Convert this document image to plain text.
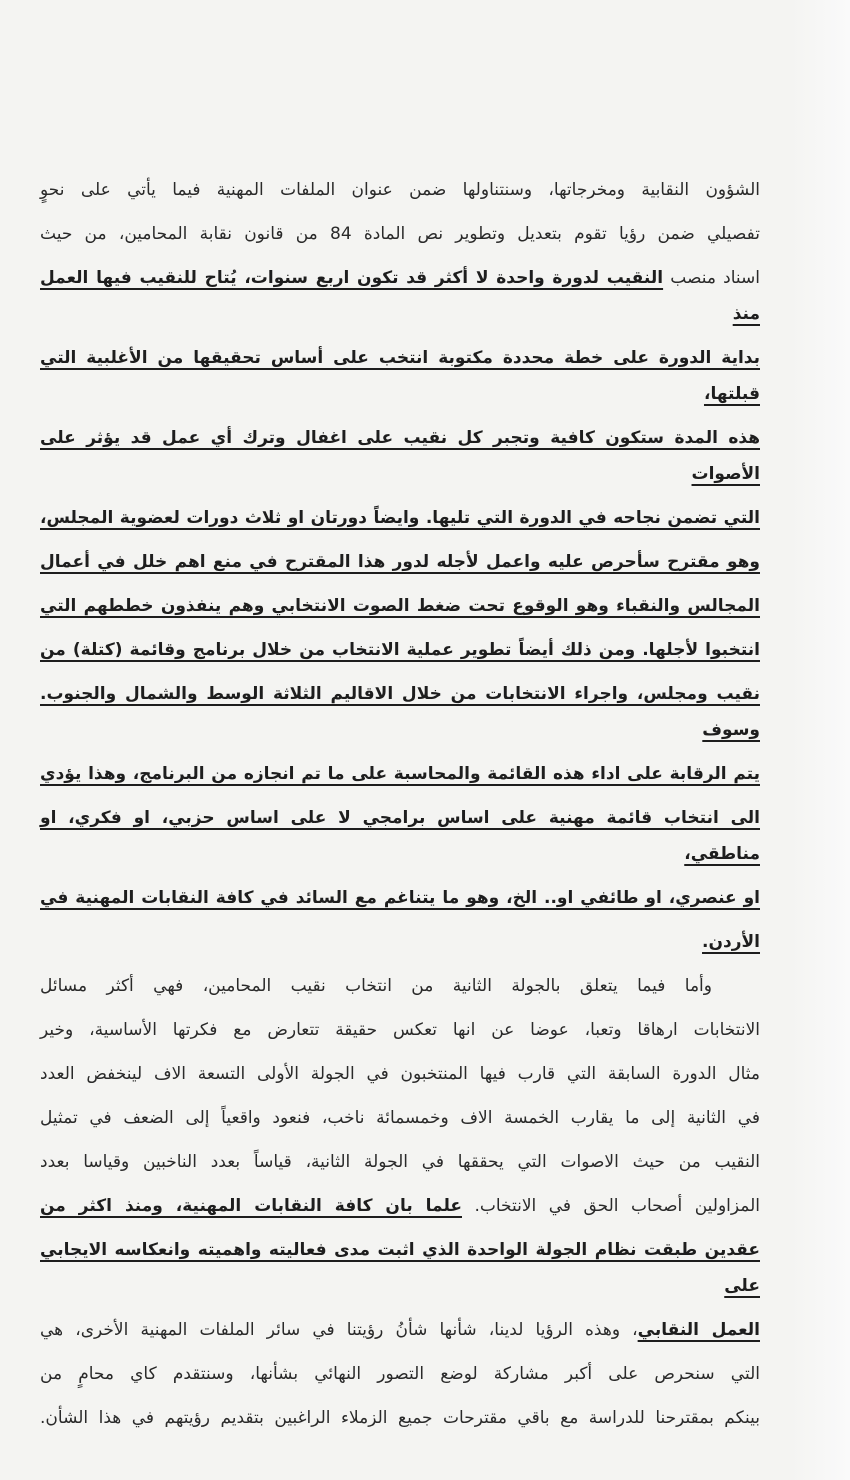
الشؤون النقابية ومخرجاتها، وسنتناولها ضمن عنوان الملفات المهنية فيما يأتي على نحوٍ
تفصيلي ضمن رؤيا تقوم بتعديل وتطوير نص المادة 84 من قانون نقابة المحامين، من حيث
اسناد منصب النقيب لدورة واحدة لا أكثر قد تكون اربع سنوات، يُتاح للنقيب فيها العمل منذ
بداية الدورة على خطة محددة مكتوبة انتخب على أساس تحقيقها من الأغلبية التي قبلتها،
هذه المدة ستكون كافية وتجبر كل نقيب على اغفال وترك أي عمل قد يؤثر على الأصوات
التي تضمن نجاحه في الدورة التي تليها. وايضاً دورتان او ثلاث دورات لعضوية المجلس،
وهو مقترح سأحرص عليه واعمل لأجله لدور هذا المقترح في منع اهم خلل في أعمال
المجالس والنقباء وهو الوقوع تحت ضغط الصوت الانتخابي وهم ينفذون خططهم التي
انتخبوا لأجلها. ومن ذلك أيضاً تطوير عملية الانتخاب من خلال برنامج وقائمة (كتلة) من
نقيب ومجلس، واجراء الانتخابات من خلال الاقاليم الثلاثة الوسط والشمال والجنوب. وسوف
يتم الرقابة على اداء هذه القائمة والمحاسبة على ما تم انجازه من البرنامج، وهذا يؤدي
الى انتخاب قائمة مهنية على اساس برامجي لا على اساس حزبي، او فكري، او مناطقي،
او عنصري، او طائفي او.. الخ، وهو ما يتناغم مع السائد في كافة النقابات المهنية في
الأردن.
وأما فيما يتعلق بالجولة الثانية من انتخاب نقيب المحامين، فهي أكثر مسائل
الانتخابات ارهاقا وتعبا، عوضا عن انها تعكس حقيقة تتعارض مع فكرتها الأساسية، وخير
مثال الدورة السابقة التي قارب فيها المنتخبون في الجولة الأولى التسعة الاف لينخفض العدد
في الثانية إلى ما يقارب الخمسة الاف وخمسمائة ناخب، فنعود واقعياً إلى الضعف في تمثيل
النقيب من حيث الاصوات التي يحققها في الجولة الثانية، قياساً بعدد الناخبين وقياسا بعدد
المزاولين أصحاب الحق في الانتخاب. علما بان كافة النقابات المهنية، ومنذ اكثر من
عقدين طبقت نظام الجولة الواحدة الذي اثبت مدى فعاليته واهميته وانعكاسه الايجابي على
العمل النقابي، وهذه الرؤيا لدينا، شأنها شأنُ رؤيتنا في سائر الملفات المهنية الأخرى، هي
التي سنحرص على أكبر مشاركة لوضع التصور النهائي بشأنها، وسنتقدم كاي محامٍ من
بينكم بمقترحنا للدراسة مع باقي مقترحات جميع الزملاء الراغبين بتقديم رؤيتهم في هذا الشأن.
